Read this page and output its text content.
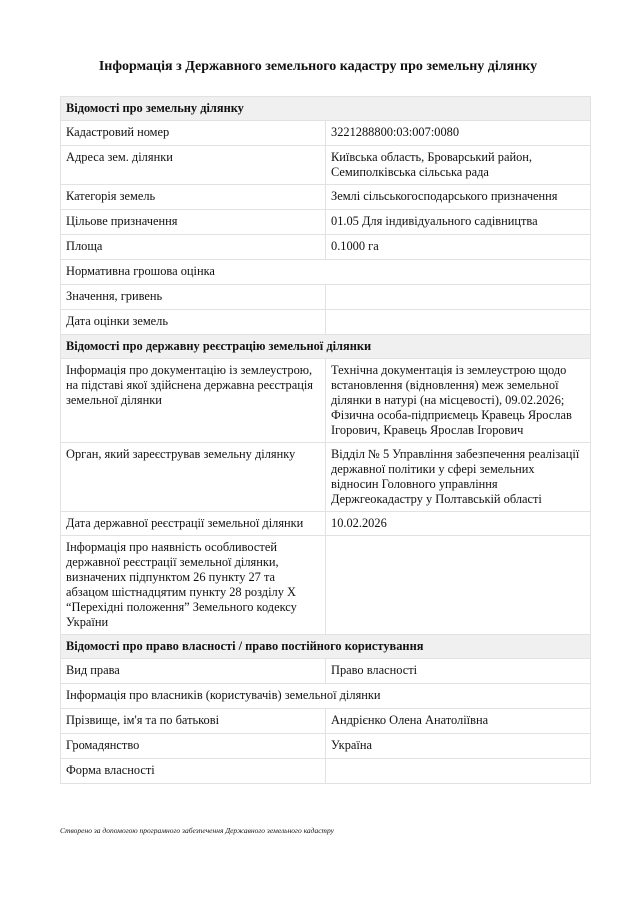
Інформація з Державного земельного кадастру про земельну ділянку
Відомості про земельну ділянку	
Кадастровий номер	3221288800:03:007:0080
Адреса зем. ділянки	Київська область, Броварський район, Семиполківська сільська рада
Категорія земель	Землі сільськогосподарського призначення
Цільове призначення	01.05 Для індивідуального садівництва
Площа	0.1000 га
Нормативна грошова оцінка	
Значення, гривень	
Дата оцінки земель	
Відомості про державну реєстрацію земельної ділянки	
Інформація про документацію із землеустрою, на підставі якої здійснена державна реєстрація земельної ділянки	Технічна документація із землеустрою щодо встановлення (відновлення) меж земельної ділянки в натурі (на місцевості), 09.02.2026; Фізична особа-підприємець Кравець Ярослав Ігорович, Кравець Ярослав Ігорович
Орган, який зареєстрував земельну ділянку	Відділ № 5 Управління забезпечення реалізації державної політики у сфері земельних відносин Головного управління Держгеокадастру у Полтавській області
Дата державної реєстрації земельної ділянки	10.02.2026
Інформація про наявність особливостей державної реєстрації земельної ділянки, визначених підпунктом 26 пункту 27 та абзацом шістнадцятим пункту 28 розділу X “Перехідні положення” Земельного кодексу України	
Відомості про право власності / право постійного користування	
Вид права	Право власності
Інформація про власників (користувачів) земельної ділянки	
Прізвище, ім'я та по батькові	Андрієнко Олена Анатоліївна
Громадянство	Україна
Форма власності	
Створено за допомогою програмного забезпечення Державного земельного кадастру
